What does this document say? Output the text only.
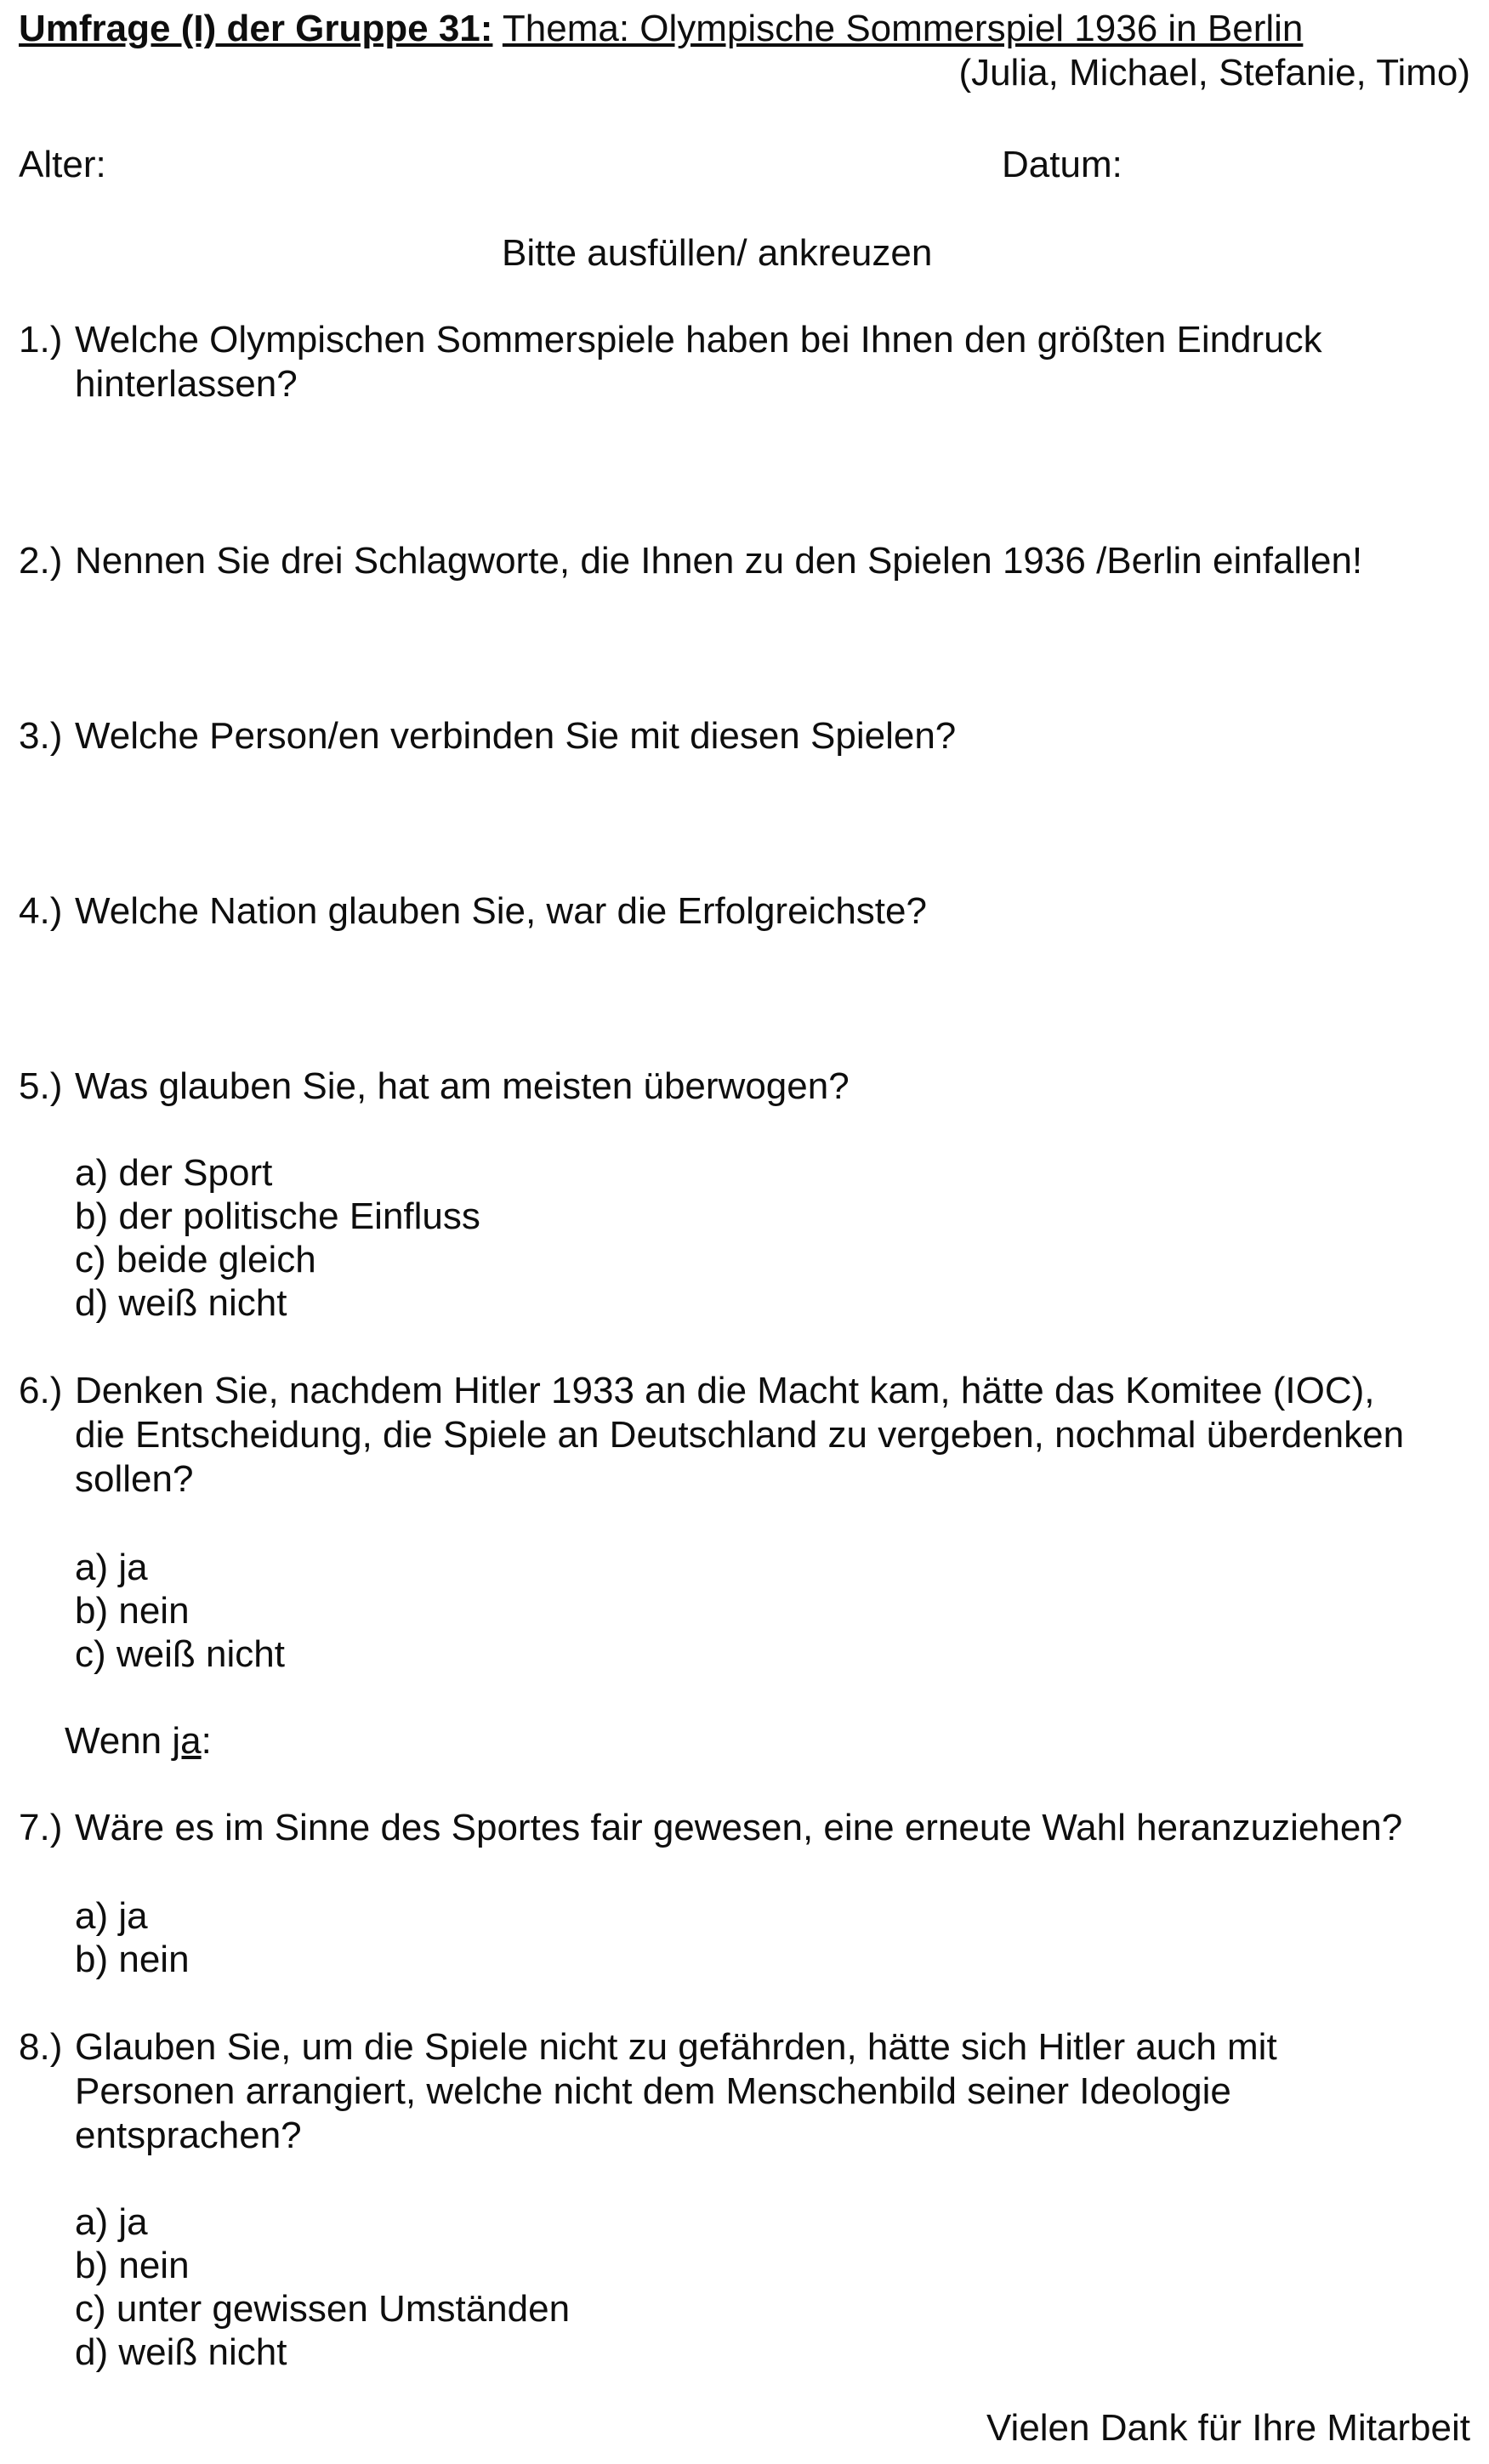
Umfrage (I) der Gruppe 31: Thema: Olympische Sommerspiel 1936 in Berlin
(Julia, Michael, Stefanie, Timo)
Alter:	Datum:
Bitte ausfüllen/ ankreuzen
1.) Welche Olympischen Sommerspiele haben bei Ihnen den größten Eindruck
hinterlassen?
2.) Nennen Sie drei Schlagworte, die Ihnen zu den Spielen 1936 /Berlin einfallen!
3.) Welche Person/en verbinden Sie mit diesen Spielen?
4.) Welche Nation glauben Sie, war die Erfolgreichste?
5.) Was glauben Sie, hat am meisten überwogen?
a) der Sport
b) der politische Einfluss
c) beide gleich
d) weiß nicht
6.) Denken Sie, nachdem Hitler 1933 an die Macht kam, hätte das Komitee (IOC),
die Entscheidung, die Spiele an Deutschland zu vergeben, nochmal überdenken
sollen?
a) ja
b) nein
c) weiß nicht
Wenn ja:
7.) Wäre es im Sinne des Sportes fair gewesen, eine erneute Wahl heranzuziehen?
a) ja
b) nein
8.) Glauben Sie, um die Spiele nicht zu gefährden, hätte sich Hitler auch mit
Personen arrangiert, welche nicht dem Menschenbild seiner Ideologie
entsprachen?
a) ja
b) nein
c) unter gewissen Umständen
d) weiß nicht
Vielen Dank für Ihre Mitarbeit
